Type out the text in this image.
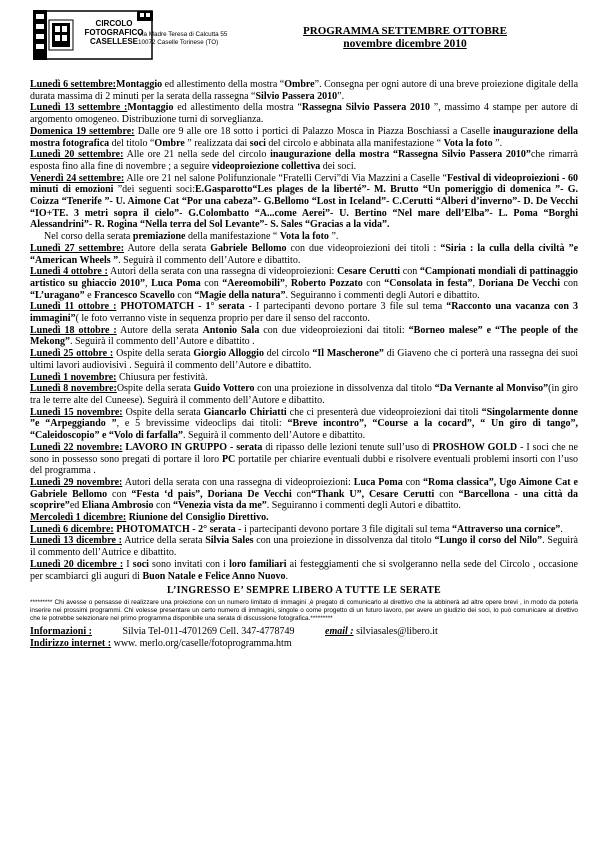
CIRCOLO
FOTOGRAFICO
CASELLESE
Via Madre Teresa di Calcutta 55
10072 Caselle Torinese (TO)
PROGRAMMA SETTEMBRE OTTOBRE
novembre dicembre 2010

Lunedì 6 settembre:Montaggio ed allestimento della mostra “Ombre”. Consegna per ogni autore di una breve proiezione digitale della durata massima di 2 minuti per la serata della rassegna “Silvio Passera 2010”.

Lunedì 13 settembre :Montaggio ed allestimento della mostra “Rassegna Silvio Passera 2010 ”, massimo 4 stampe per autore di argomento omogeneo. Distribuzione turni di sorveglianza.

Domenica 19 settembre: Dalle ore 9 alle ore 18 sotto i portici di Palazzo Mosca in Piazza Boschiassi a Caselle inaugurazione della mostra fotografica del titolo “Ombre ” realizzata dai soci del circolo e abbinata alla manifestazione “ Vota la foto ”.

Lunedì 20 settembre: Alle ore 21 nella sede del circolo inaugurazione della mostra “Rassegna Silvio Passera 2010”che rimarrà esposta fino alla fine di novembre ; a seguire videoproiezione collettiva dei soci.

Venerdì 24 settembre: Alle ore 21 nel salone Polifunzionale “Fratelli Cervi”di Via Mazzini a Caselle “Festival di videoproiezioni - 60 minuti di emozioni ”dei seguenti soci:E.Gasparotto“Les plages de la liberté”- M. Brutto “Un pomeriggio di domenica ”- G. Coizza “Tenerife ”- U. Aimone Cat “Por una cabeza”- G.Bellomo “Lost in Iceland”- C.Cerutti “Alberi d’inverno”- D. De Vecchi “IO+TE. 3 metri sopra il cielo”- G.Colombatto “A...come Aerei”- U. Bertino “Nel mare dell’Elba”- L. Poma “Borghi Alessandrini”- R. Rogina “Nella terra del Sol Levante”- S. Sales “Gracias a la vida”.

Nel corso della serata premiazione della manifestazione “ Vota la foto ”.

Lunedì 27 settembre: Autore della serata Gabriele Bellomo con due videoproiezioni dei titoli : “Siria : la culla della civiltà ”e “American Wheels ”. Seguirà il commento dell’Autore e dibattito.

Lunedì 4 ottobre : Autori della serata con una rassegna di videoproiezioni: Cesare Cerutti con “Campionati mondiali di pattinaggio artistico su ghiaccio 2010”, Luca Poma con “Aereomobili”, Roberto Pozzato con “Consolata in festa”, Doriana De Vecchi con “L’uragano” e Francesco Scavello con “Magie della natura”. Seguiranno i commenti degli Autori e dibattito.

Lunedì 11 ottobre : PHOTOMATCH - 1° serata - I partecipanti devono portare 3 file sul tema “Racconto una vacanza con 3 immagini”( le foto verranno viste in sequenza proprio per dare il senso del racconto.

Lunedì 18 ottobre : Autore della serata Antonio Sala con due videoproiezioni dai titoli: “Borneo malese” e “The people of the Mekong”. Seguirà il commento dell’Autore e dibattito .

Lunedì 25 ottobre : Ospite della serata Giorgio Alloggio del circolo “Il Mascherone” di Giaveno che ci porterà una rassegna dei suoi ultimi lavori audiovisivi . Seguirà il commento dell’Autore e dibattito.

Lunedì 1 novembre: Chiusura per festività.

Lunedì 8 novembre:Ospite della serata Guido Vottero con una proiezione in dissolvenza dal titolo “Da Vernante al Monviso”(in giro tra le terre alte del Cuneese). Seguirà il commento dell’Autore e dibattito.

Lunedì 15 novembre: Ospite della serata Giancarlo Chiriatti che ci presenterà due videoproiezioni dai titoli “Singolarmente donne ”e “Arpeggiando ”, e 5 brevissime videoclips dai titoli: “Breve incontro”, “Course a la cocard”, “ Un giro di tango”, “Caleidoscopio” e “Volo di farfalla”. Seguirà il commento dell’Autore e dibattito.

Lunedì 22 novembre: LAVORO IN GRUPPO - serata di ripasso delle lezioni tenute sull’uso di PROSHOW GOLD - I soci che ne sono in possesso sono pregati di portare il loro PC portatile per chiarire eventuali dubbi e risolvere eventuali problemi insorti con l’uso del programma .

Lunedì 29 novembre: Autori della serata con una rassegna di videoproiezioni: Luca Poma con “Roma classica”, Ugo Aimone Cat e Gabriele Bellomo con “Festa ‘d pais”, Doriana De Vecchi con“Thank U”, Cesare Cerutti con “Barcellona - una città da scoprire”ed Eliana Ambrosio con “Venezia vista da me”. Seguiranno i commenti degli Autori e dibattito.

Mercoledì 1 dicembre: Riunione del Consiglio Direttivo.

Lunedì 6 dicembre: PHOTOMATCH - 2° serata - i partecipanti devono portare 3 file digitali sul tema “Attraverso una cornice”.

Lunedì 13 dicembre : Autrice della serata Silvia Sales con una proiezione in dissolvenza dal titolo “Lungo il corso del Nilo”. Seguirà il commento dell’Autrice e dibattito.

Lunedì 20 dicembre : I soci sono invitati con i loro familiari ai festeggiamenti che si svolgeranno nella sede del Circolo , occasione per scambiarci gli auguri di Buon Natale e Felice Anno Nuovo.

L’INGRESSO E’ SEMPRE LIBERO A TUTTE LE SERATE
********* Chi avesse o pensasse di realizzare una proiezione con un numero limitato di immagini ,è pregato di comunicarlo al direttivo che la abbinerà ad altre opere brevi , in modo da poterla inserire nei prossimi programmi. Chi volesse presentare un certo numero di immagini, singole o come progetto di un futuro lavoro, per avere un giudizio dei soci, lo può comunicare al direttivo che le potrebbe selezionare nel primo programma disponibile una serata di discussione fotografica.*********
Informazioni :	Silvia Tel-011-4701269 Cell. 347-4778749	email : silviasales@libero.it
Indirizzo internet : www. merlo.org/caselle/fotoprogramma.htm
